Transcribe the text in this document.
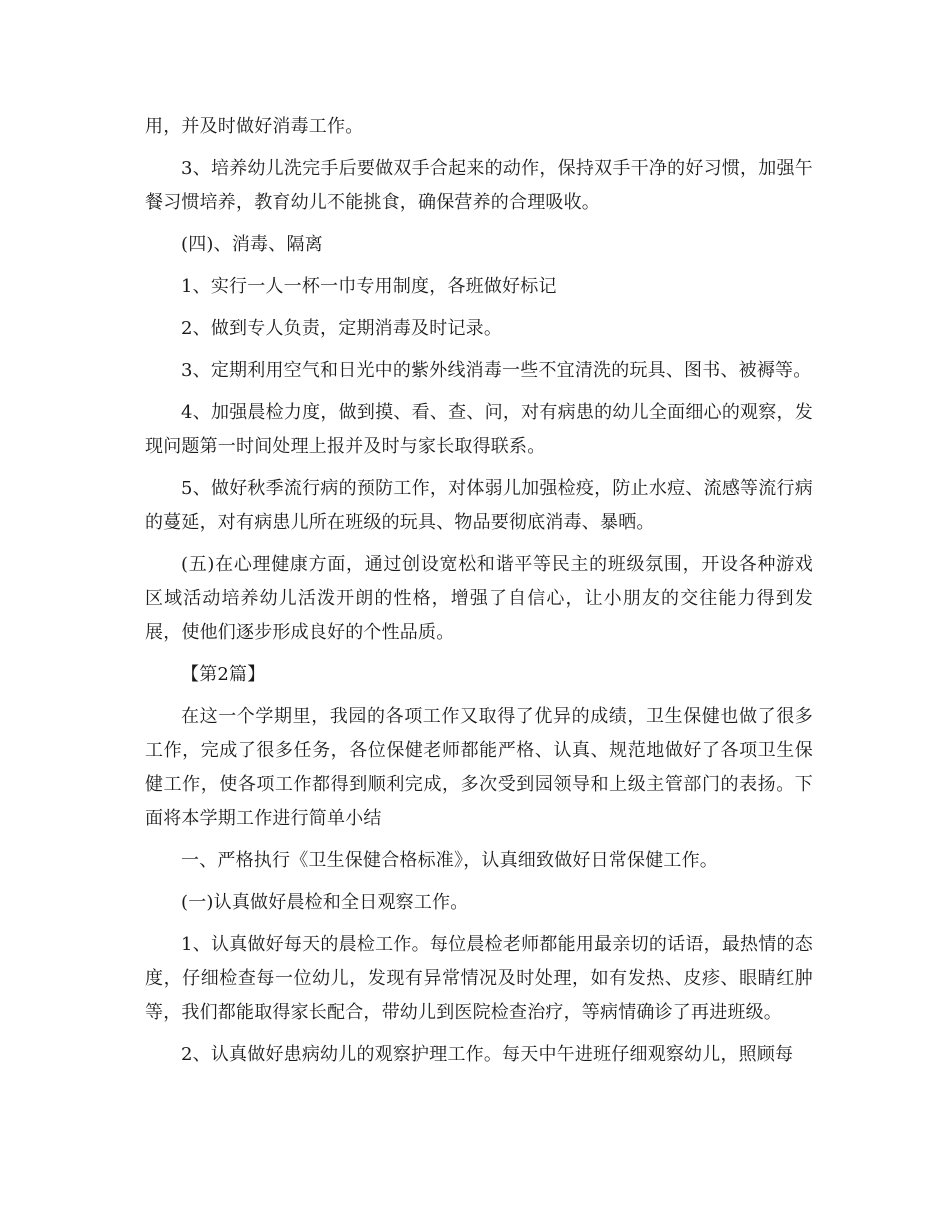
用，并及时做好消毒工作。

3、培养幼儿洗完手后要做双手合起来的动作，保持双手干净的好习惯，加强午餐习惯培养，教育幼儿不能挑食，确保营养的合理吸收。

(四)、消毒、隔离

1、实行一人一杯一巾专用制度，各班做好标记

2、做到专人负责，定期消毒及时记录。

3、定期利用空气和日光中的紫外线消毒一些不宜清洗的玩具、图书、被褥等。

4、加强晨检力度，做到摸、看、查、问，对有病患的幼儿全面细心的观察，发现问题第一时间处理上报并及时与家长取得联系。

5、做好秋季流行病的预防工作，对体弱儿加强检疫，防止水痘、流感等流行病的蔓延，对有病患儿所在班级的玩具、物品要彻底消毒、暴晒。

(五)在心理健康方面，通过创设宽松和谐平等民主的班级氛围，开设各种游戏区域活动培养幼儿活泼开朗的性格，增强了自信心，让小朋友的交往能力得到发展，使他们逐步形成良好的个性品质。

【第2篇】

在这一个学期里，我园的各项工作又取得了优异的成绩，卫生保健也做了很多工作，完成了很多任务，各位保健老师都能严格、认真、规范地做好了各项卫生保健工作，使各项工作都得到顺利完成，多次受到园领导和上级主管部门的表扬。下面将本学期工作进行简单小结

一、严格执行《卫生保健合格标准》，认真细致做好日常保健工作。

(一)认真做好晨检和全日观察工作。

1、认真做好每天的晨检工作。每位晨检老师都能用最亲切的话语，最热情的态度，仔细检查每一位幼儿，发现有异常情况及时处理，如有发热、皮疹、眼睛红肿等，我们都能取得家长配合，带幼儿到医院检查治疗，等病情确诊了再进班级。

2、认真做好患病幼儿的观察护理工作。每天中午进班仔细观察幼儿，照顾每
